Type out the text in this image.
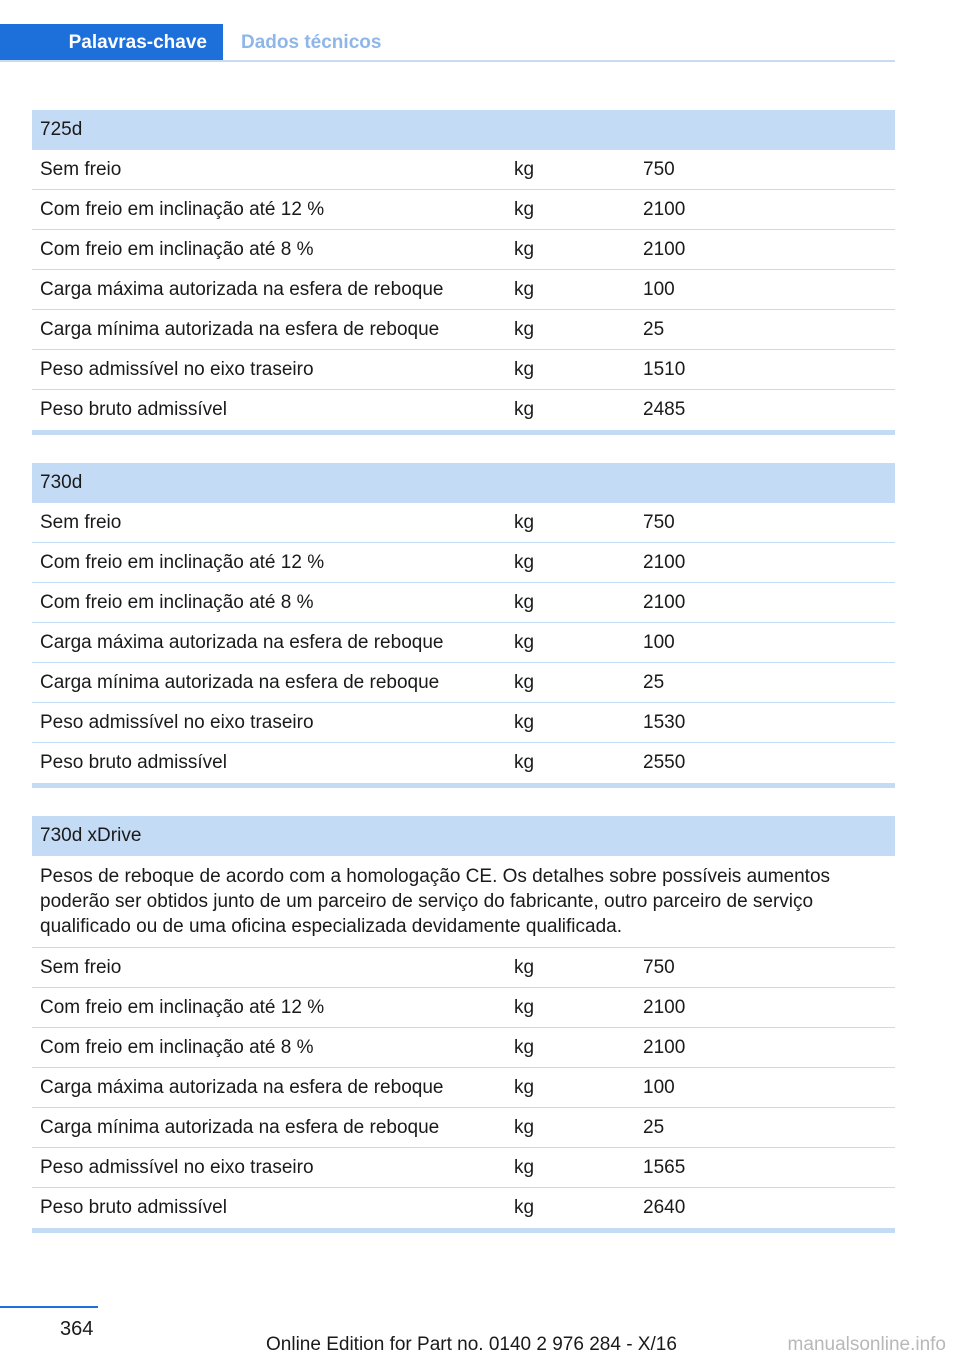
Palavras-chave Dados técnicos
725d
Sem freio	kg	750
Com freio em inclinação até 12 %	kg	2100
Com freio em inclinação até 8 %	kg	2100
Carga máxima autorizada na esfera de reboque	kg	100
Carga mínima autorizada na esfera de reboque	kg	25
Peso admissível no eixo traseiro	kg	1510
Peso bruto admissível	kg	2485
730d
Sem freio	kg	750
Com freio em inclinação até 12 %	kg	2100
Com freio em inclinação até 8 %	kg	2100
Carga máxima autorizada na esfera de reboque	kg	100
Carga mínima autorizada na esfera de reboque	kg	25
Peso admissível no eixo traseiro	kg	1530
Peso bruto admissível	kg	2550
730d xDrive
Pesos de reboque de acordo com a homologação CE. Os detalhes sobre possíveis aumentos poderão ser obtidos junto de um parceiro de serviço do fabricante, outro parceiro de serviço qualificado ou de uma oficina especializada devidamente qualificada.
Sem freio	kg	750
Com freio em inclinação até 12 %	kg	2100
Com freio em inclinação até 8 %	kg	2100
Carga máxima autorizada na esfera de reboque	kg	100
Carga mínima autorizada na esfera de reboque	kg	25
Peso admissível no eixo traseiro	kg	1565
Peso bruto admissível	kg	2640
364
Online Edition for Part no. 0140 2 976 284 - X/16	manualsonline.info
